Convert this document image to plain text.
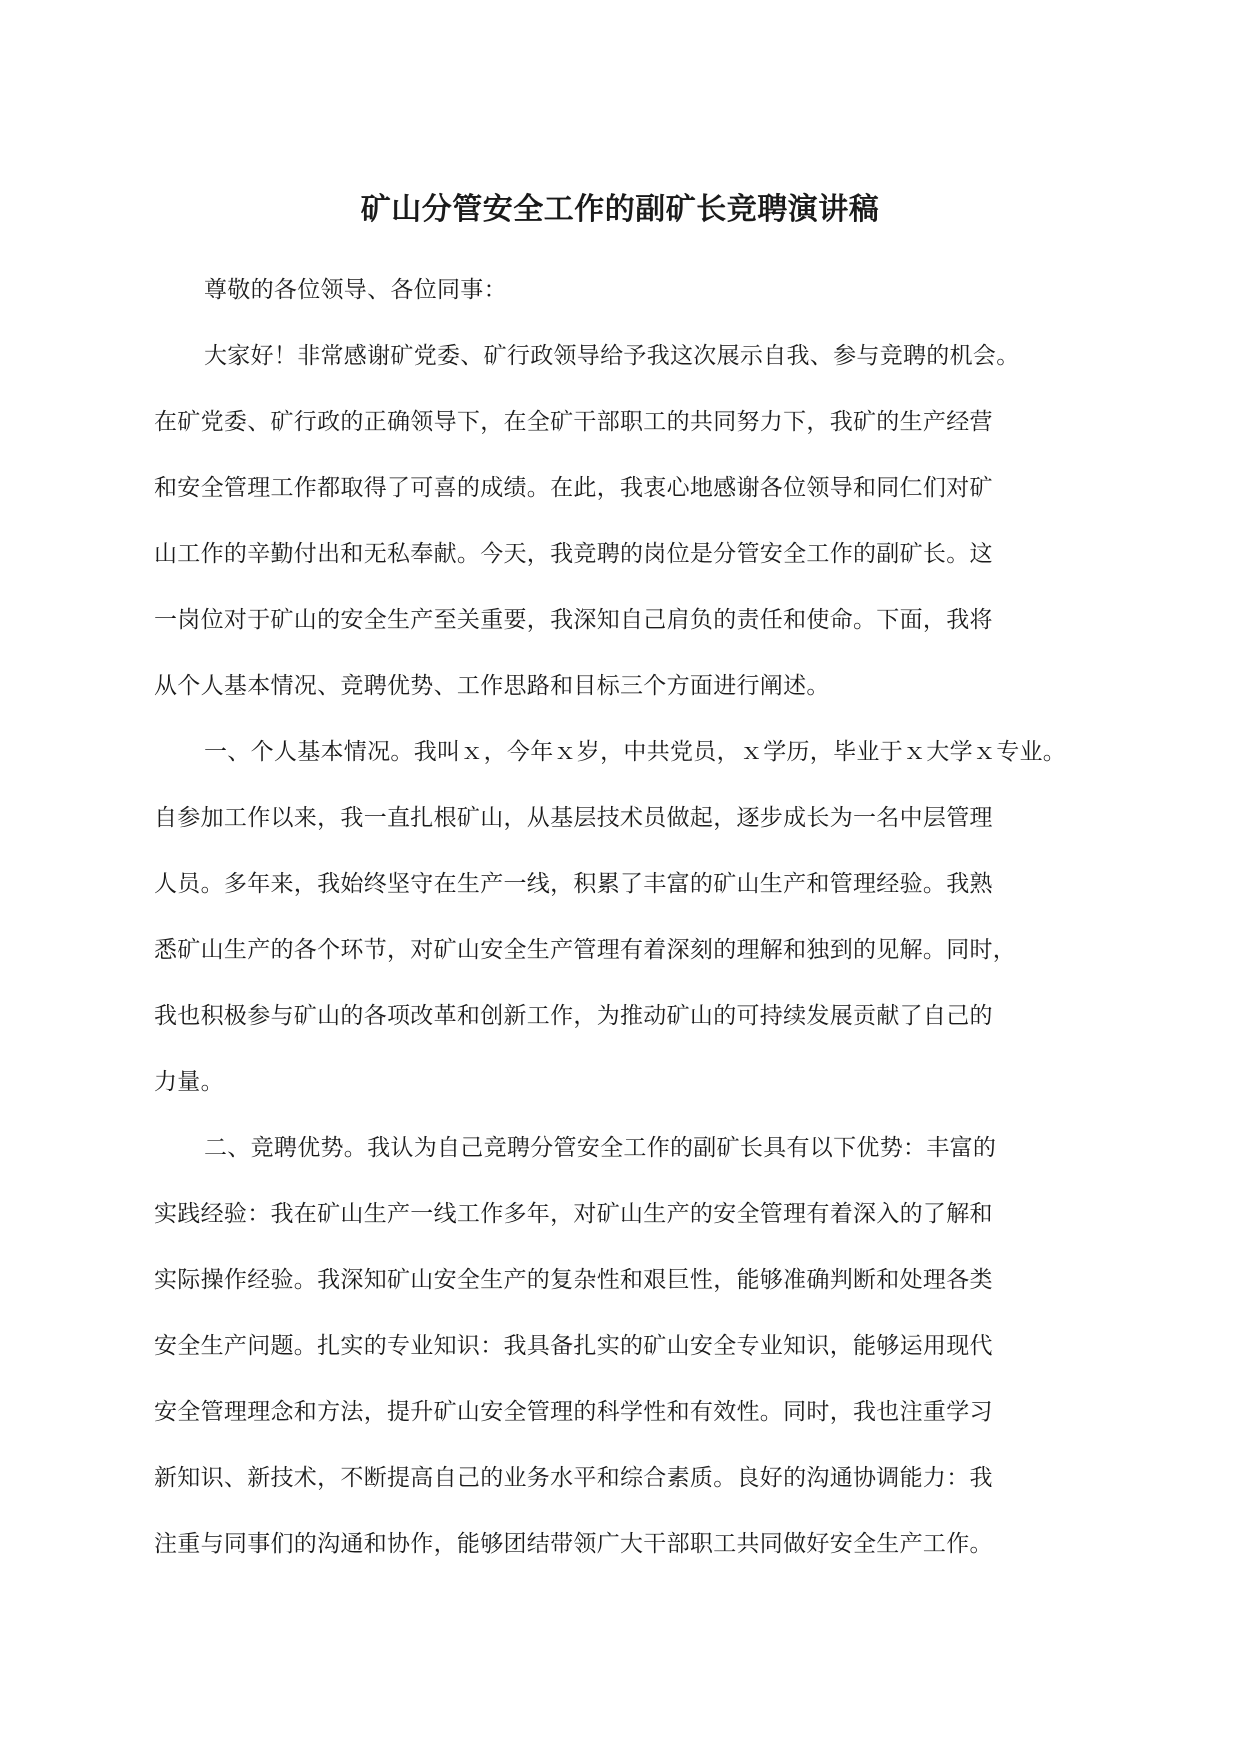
矿山分管安全工作的副矿长竞聘演讲稿

尊敬的各位领导、各位同事：

大家好！非常感谢矿党委、矿行政领导给予我这次展示自我、参与竞聘的机会。
在矿党委、矿行政的正确领导下，在全矿干部职工的共同努力下，我矿的生产经营
和安全管理工作都取得了可喜的成绩。在此，我衷心地感谢各位领导和同仁们对矿
山工作的辛勤付出和无私奉献。今天，我竞聘的岗位是分管安全工作的副矿长。这
一岗位对于矿山的安全生产至关重要，我深知自己肩负的责任和使命。下面，我将
从个人基本情况、竞聘优势、工作思路和目标三个方面进行阐述。

一、个人基本情况。我叫ｘ，今年ｘ岁，中共党员，ｘ学历，毕业于ｘ大学ｘ专业。
自参加工作以来，我一直扎根矿山，从基层技术员做起，逐步成长为一名中层管理
人员。多年来，我始终坚守在生产一线，积累了丰富的矿山生产和管理经验。我熟
悉矿山生产的各个环节，对矿山安全生产管理有着深刻的理解和独到的见解。同时，
我也积极参与矿山的各项改革和创新工作，为推动矿山的可持续发展贡献了自己的
力量。

二、竞聘优势。我认为自己竞聘分管安全工作的副矿长具有以下优势：丰富的
实践经验：我在矿山生产一线工作多年，对矿山生产的安全管理有着深入的了解和
实际操作经验。我深知矿山安全生产的复杂性和艰巨性，能够准确判断和处理各类
安全生产问题。扎实的专业知识：我具备扎实的矿山安全专业知识，能够运用现代
安全管理理念和方法，提升矿山安全管理的科学性和有效性。同时，我也注重学习
新知识、新技术，不断提高自己的业务水平和综合素质。良好的沟通协调能力：我
注重与同事们的沟通和协作，能够团结带领广大干部职工共同做好安全生产工作。
